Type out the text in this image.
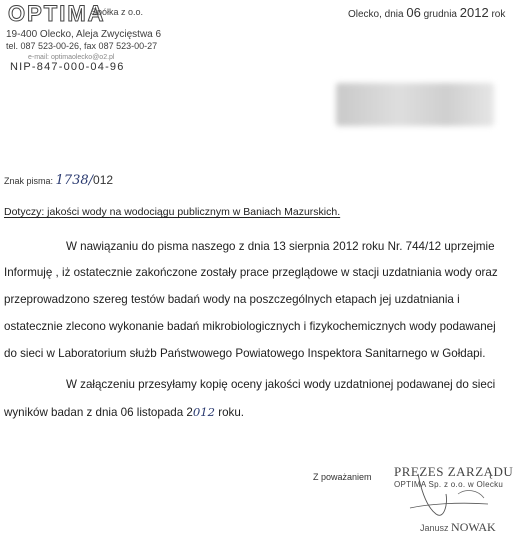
OPTIMA
Spółka z o.o.
19-400 Olecko, Aleja Zwycięstwa 6
tel. 087 523-00-26, fax 087 523-00-27
e-mail: optimaolecko@o2.pl
NIP-847-000-04-96
Olecko, dnia 06 grudnia 2012 rok
Znak pisma: 1738/012
Dotyczy: jakości wody na wodociągu publicznym w Baniach Mazurskich.
W nawiązaniu do pisma naszego z dnia 13 sierpnia 2012 roku Nr. 744/12 uprzejmie
Informuję , iż ostatecznie zakończone zostały prace przeglądowe w stacji uzdatniania wody oraz
przeprowadzono szereg testów badań wody na poszczególnych etapach jej uzdatniania i
ostatecznie zlecono wykonanie badań mikrobiologicznych i fizykochemicznych wody podawanej
do sieci w Laboratorium służb Państwowego Powiatowego Inspektora Sanitarnego w Gołdapi.
W załączeniu przesyłamy kopię oceny jakości wody uzdatnionej podawanej do sieci
wyników badan z dnia 06 listopada 2012 roku.
Z poważaniem PREZES ZARZĄDU
OPTIMA Sp. z o.o. w Olecku
Janusz NOWAK
